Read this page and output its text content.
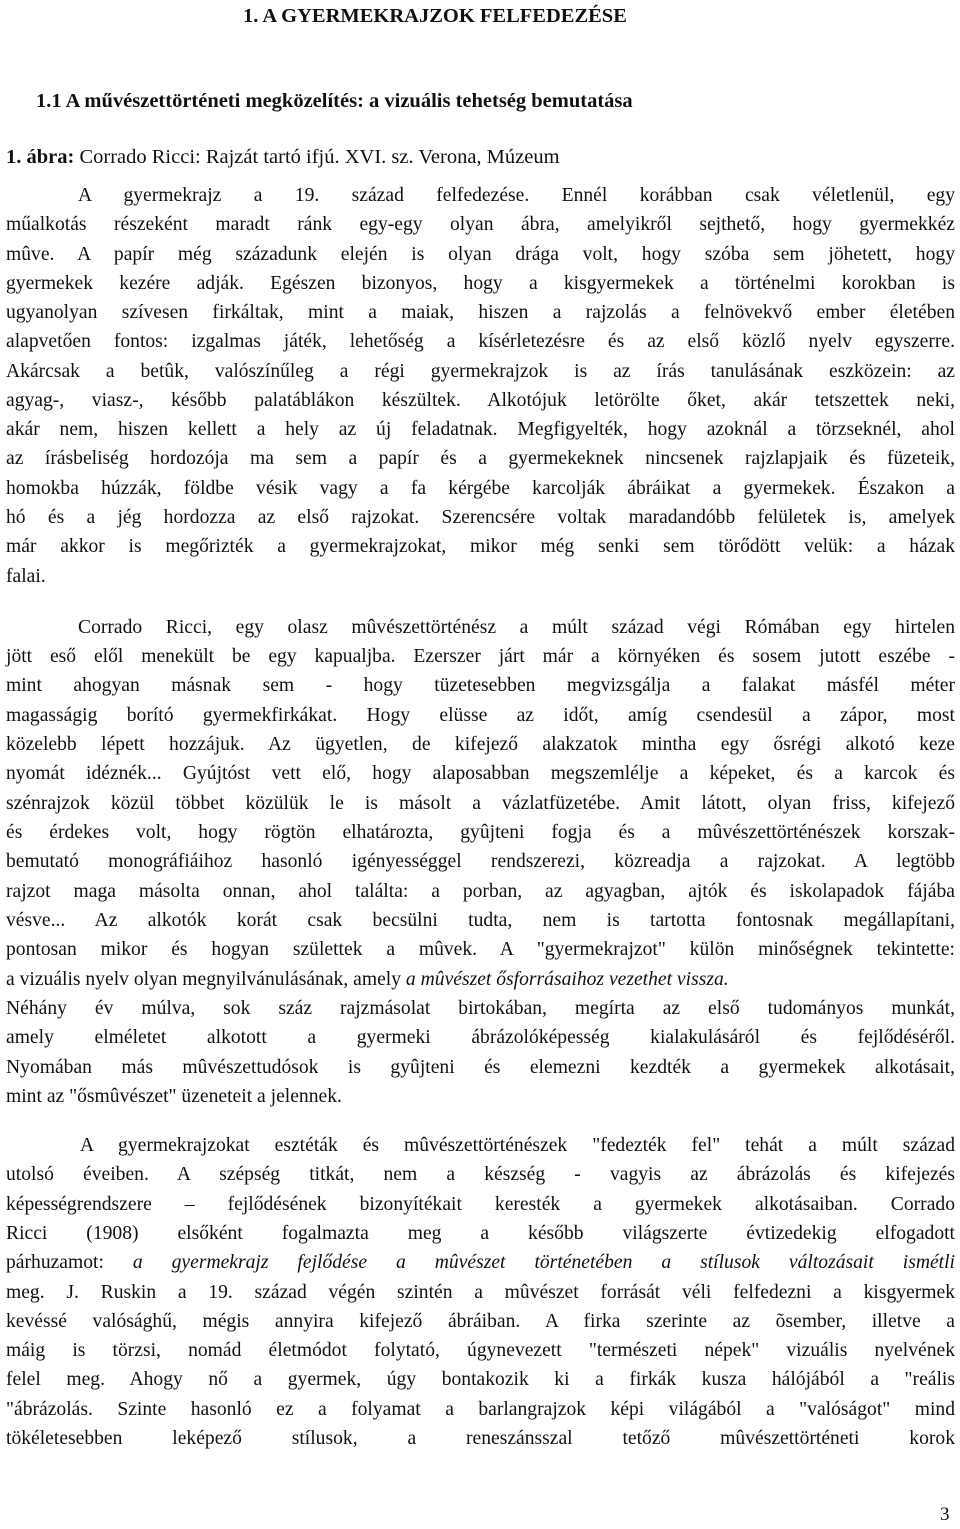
1. A GYERMEKRAJZOK FELFEDEZÉSE
1.1 A művészettörténeti megközelítés: a vizuális tehetség bemutatása
1. ábra: Corrado Ricci: Rajzát tartó ifjú. XVI. sz. Verona, Múzeum
A gyermekrajz a 19. század felfedezése. Ennél korábban csak véletlenül, egy
műalkotás részeként maradt ránk egy-egy olyan ábra, amelyikről sejthető, hogy gyermekkéz
mûve. A papír még századunk elején is olyan drága volt, hogy szóba sem jöhetett, hogy
gyermekek kezére adják. Egészen bizonyos, hogy a kisgyermekek a történelmi korokban is
ugyanolyan szívesen firkáltak, mint a maiak, hiszen a rajzolás a felnövekvő ember életében
alapvetően fontos: izgalmas játék, lehetőség a kísérletezésre és az első közlő nyelv egyszerre.
Akárcsak a betûk, valószínűleg a régi gyermekrajzok is az írás tanulásának eszközein: az
agyag-, viasz-, később palatáblákon készültek. Alkotójuk letörölte őket, akár tetszettek neki,
akár nem, hiszen kellett a hely az új feladatnak. Megfigyelték, hogy azoknál a törzseknél, ahol
az írásbeliség hordozója ma sem a papír és a gyermekeknek nincsenek rajzlapjaik és füzeteik,
homokba húzzák, földbe vésik vagy a fa kérgébe karcolják ábráikat a gyermekek. Északon a
hó és a jég hordozza az első rajzokat. Szerencsére voltak maradandóbb felületek is, amelyek
már akkor is megőrizték a gyermekrajzokat, mikor még senki sem törődött velük: a házak
falai.
Corrado Ricci, egy olasz mûvészettörténész a múlt század végi Rómában egy hirtelen
jött eső elől menekült be egy kapualjba. Ezerszer járt már a környéken és sosem jutott eszébe -
mint ahogyan másnak sem - hogy tüzetesebben megvizsgálja a falakat másfél méter
magasságig borító gyermekfirkákat. Hogy elüsse az időt, amíg csendesül a zápor, most
közelebb lépett hozzájuk. Az ügyetlen, de kifejező alakzatok mintha egy ősrégi alkotó keze
nyomát idéznék... Gyújtóst vett elő, hogy alaposabban megszemlélje a képeket, és a karcok és
szénrajzok közül többet közülük le is másolt a vázlatfüzetébe. Amit látott, olyan friss, kifejező
és érdekes volt, hogy rögtön elhatározta, gyûjteni fogja és a mûvészettörténészek korszak-
bemutató monográfiáihoz hasonló igényességgel rendszerezi, közreadja a rajzokat. A legtöbb
rajzot maga másolta onnan, ahol találta: a porban, az agyagban, ajtók és iskolapadok fájába
vésve... Az alkotók korát csak becsülni tudta, nem is tartotta fontosnak megállapítani,
pontosan mikor és hogyan születtek a mûvek. A "gyermekrajzot" külön minőségnek tekintette:
a vizuális nyelv olyan megnyilvánulásának, amely a mûvészet ősforrásaihoz vezethet vissza.
Néhány év múlva, sok száz rajzmásolat birtokában, megírta az első tudományos munkát,
amely elméletet alkotott a gyermeki ábrázolóképesség kialakulásáról és fejlődéséről.
Nyomában más mûvészettudósok is gyûjteni és elemezni kezdték a gyermekek alkotásait,
mint az "ősmûvészet" üzeneteit a jelennek.
A gyermekrajzokat esztéták és mûvészettörténészek "fedezték fel" tehát a múlt század
utolsó éveiben. A szépség titkát, nem a készség - vagyis az ábrázolás és kifejezés
képességrendszere – fejlődésének bizonyítékait keresték a gyermekek alkotásaiban. Corrado
Ricci (1908) elsőként fogalmazta meg a később világszerte évtizedekig elfogadott
párhuzamot: a gyermekrajz fejlődése a mûvészet történetében a stílusok változásait ismétli
meg. J. Ruskin a 19. század végén szintén a mûvészet forrását véli felfedezni a kisgyermek
kevéssé valósághű, mégis annyira kifejező ábráiban. A firka szerinte az õsember, illetve a
máig is törzsi, nomád életmódot folytató, úgynevezett "természeti népek" vizuális nyelvének
felel meg. Ahogy nő a gyermek, úgy bontakozik ki a firkák kusza hálójából a "reális
"ábrázolás. Szinte hasonló ez a folyamat a barlangrajzok képi világából a "valóságot" mind
tökéletesebben leképező stílusok, a reneszánsszal tetőző mûvészettörténeti korok
3
